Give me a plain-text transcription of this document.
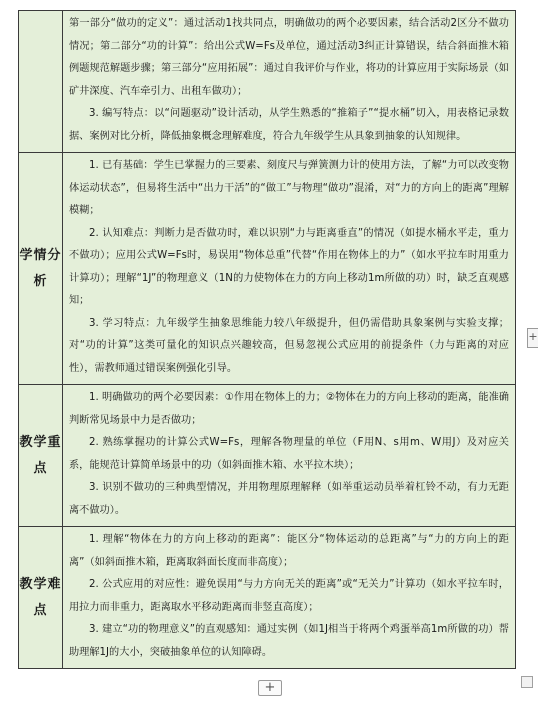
	第一部分“做功的定义”：通过活动1找共同点，明确做功的两个必要因素，结合活动2区分不做功情况；第二部分“功的计算”：给出公式W=Fs及单位，通过活动3纠正计算错误，结合斜面推木箱例题规范解题步骤；第三部分“应用拓展”：通过自我评价与作业，将功的计算应用于实际场景（如矿井深度、汽车牵引力、出租车做功）；

3. 编写特点：以“问题驱动”设计活动，从学生熟悉的“推箱子”“提水桶”切入，用表格记录数据、案例对比分析，降低抽象概念理解难度，符合九年级学生从具象到抽象的认知规律。

学情分析	1. 已有基础：学生已掌握力的三要素、刻度尺与弹簧测力计的使用方法，了解“力可以改变物体运动状态”，但易将生活中“出力干活”的“做工”与物理“做功”混淆，对“力的方向上的距离”理解模糊；

2. 认知难点：判断力是否做功时，难以识别“力与距离垂直”的情况（如提水桶水平走，重力不做功）；应用公式W=Fs时，易误用“物体总重”代替“作用在物体上的力”（如水平拉车时用重力计算功）；理解“1J”的物理意义（1N的力使物体在力的方向上移动1m所做的功）时，缺乏直观感知；

3. 学习特点：九年级学生抽象思维能力较八年级提升，但仍需借助具象案例与实验支撑；对“功的计算”这类可量化的知识点兴趣较高，但易忽视公式应用的前提条件（力与距离的对应性），需教师通过错误案例强化引导。

教学重点	1. 明确做功的两个必要因素：①作用在物体上的力；②物体在力的方向上移动的距离，能准确判断常见场景中力是否做功；

2. 熟练掌握功的计算公式W=Fs，理解各物理量的单位（F用N、s用m、W用J）及对应关系，能规范计算简单场景中的功（如斜面推木箱、水平拉木块）；

3. 识别不做功的三种典型情况，并用物理原理解释（如举重运动员举着杠铃不动，有力无距离不做功）。

教学难点	1. 理解“物体在力的方向上移动的距离”：能区分“物体运动的总距离”与“力的方向上的距离”（如斜面推木箱，距离取斜面长度而非高度）；

2. 公式应用的对应性：避免误用“与力方向无关的距离”或“无关力”计算功（如水平拉车时，用拉力而非重力，距离取水平移动距离而非竖直高度）；

3. 建立“功的物理意义”的直观感知：通过实例（如1J相当于将两个鸡蛋举高1m所做的功）帮助理解1J的大小，突破抽象单位的认知障碍。

+
+
